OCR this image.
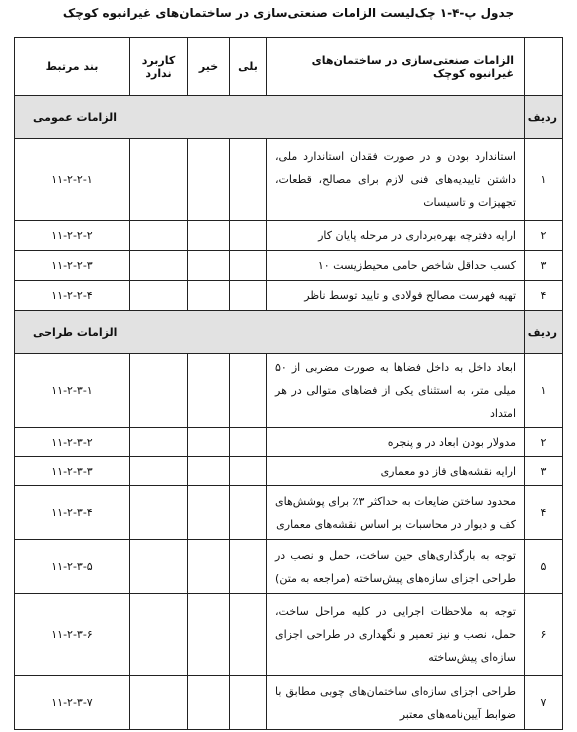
جدول پ-۴-۱ چک‌لیست الزامات صنعتی‌سازی در ساختمان‌های غیرانبوه کوچک
	الزامات صنعتی‌سازی در ساختمان‌های غیرانبوه کوچک	بلی	خیر	کاربرد ندارد	بند مرتبط
ردیف	الزامات عمومی				
۱	استاندارد بودن و در صورت فقدان استاندارد ملی، داشتن تاییدیه‌های فنی لازم برای مصالح، قطعات، تجهیزات و تاسیسات				۱۱-۲-۲-۱
۲	ارایه دفترچه بهره‌برداری در مرحله پایان کار				۱۱-۲-۲-۲
۳	کسب حداقل شاخص حامی محیط‌زیست ۱۰				۱۱-۲-۲-۳
۴	تهیه فهرست مصالح فولادی و تایید توسط ناظر				۱۱-۲-۲-۴
ردیف	الزامات طراحی				
۱	ابعاد داخل به داخل فضاها به صورت مضربی از ۵۰ میلی متر، به استثنای یکی از فضاهای متوالی در هر امتداد				۱۱-۲-۳-۱
۲	مدولار بودن ابعاد در و پنجره				۱۱-۲-۳-۲
۳	ارایه نقشه‌های فاز دو معماری				۱۱-۲-۳-۳
۴	محدود ساختن ضایعات به حداکثر ۳٪ برای پوشش‌های کف و دیوار در محاسبات بر اساس نقشه‌های معماری				۱۱-۲-۳-۴
۵	توجه به بارگذاری‌های حین ساخت، حمل و نصب در طراحی اجزای سازه‌های پیش‌ساخته (مراجعه به متن)				۱۱-۲-۳-۵
۶	توجه به ملاحظات اجرایی در کلیه مراحل ساخت، حمل، نصب و نیز تعمیر و نگهداری در طراحی اجزای سازه‌ای پیش‌ساخته				۱۱-۲-۳-۶
۷	طراحی اجزای سازه‌ای ساختمان‌های چوبی مطابق با ضوابط آیین‌نامه‌های معتبر				۱۱-۲-۳-۷
